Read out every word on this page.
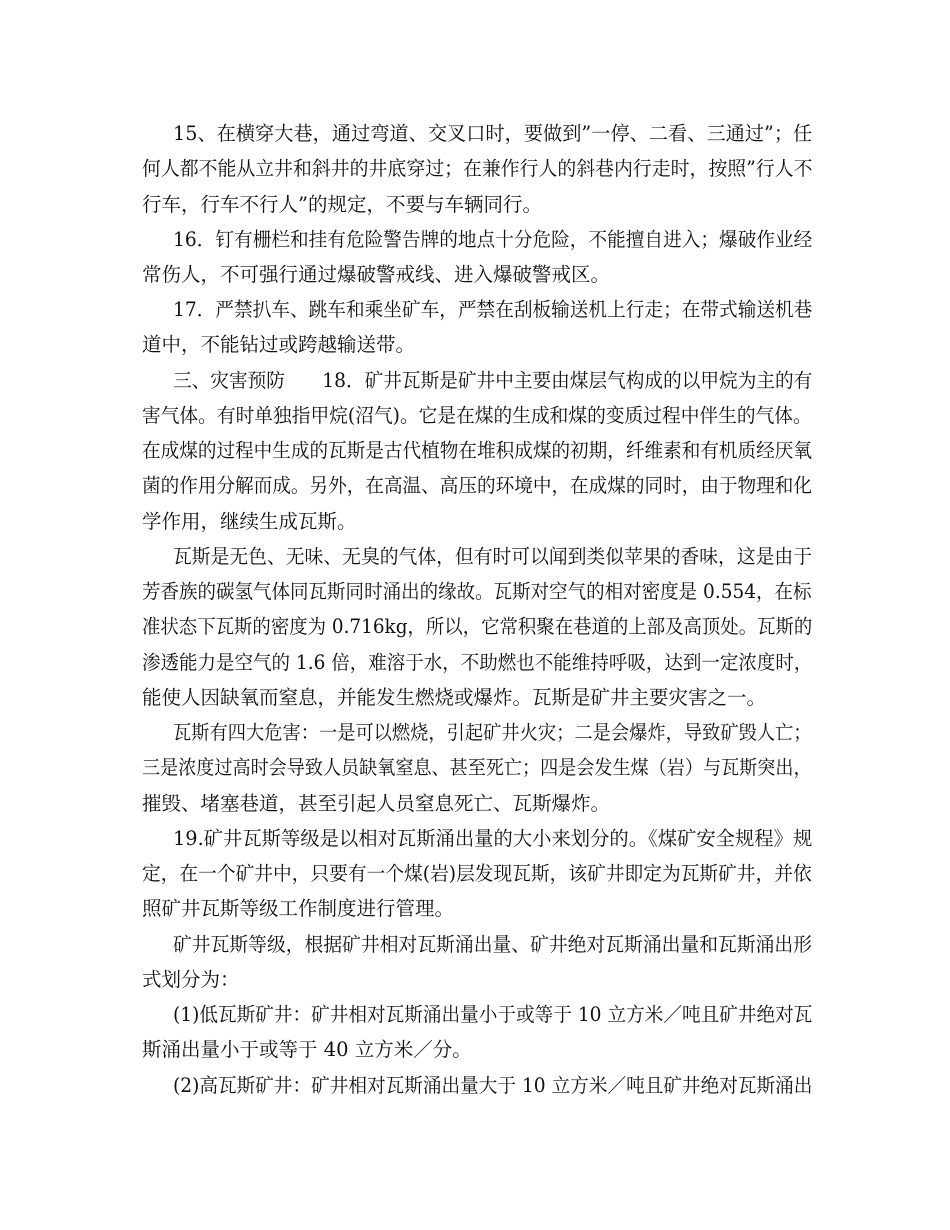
15、在横穿大巷，通过弯道、交叉口时，要做到”一停、二看、三通过”；任
何人都不能从立井和斜井的井底穿过；在兼作行人的斜巷内行走时，按照”行人不
行车，行车不行人”的规定，不要与车辆同行。
16．钉有栅栏和挂有危险警告牌的地点十分危险，不能擅自进入；爆破作业经
常伤人，不可强行通过爆破警戒线、进入爆破警戒区。
17．严禁扒车、跳车和乘坐矿车，严禁在刮板输送机上行走；在带式输送机巷
道中，不能钻过或跨越输送带。
三、灾害预防　　18．矿井瓦斯是矿井中主要由煤层气构成的以甲烷为主的有
害气体。有时单独指甲烷(沼气)。它是在煤的生成和煤的变质过程中伴生的气体。
在成煤的过程中生成的瓦斯是古代植物在堆积成煤的初期，纤维素和有机质经厌氧
菌的作用分解而成。另外，在高温、高压的环境中，在成煤的同时，由于物理和化
学作用，继续生成瓦斯。
瓦斯是无色、无味、无臭的气体，但有时可以闻到类似苹果的香味，这是由于
芳香族的碳氢气体同瓦斯同时涌出的缘故。瓦斯对空气的相对密度是 0.554，在标
准状态下瓦斯的密度为 0.716kg，所以，它常积聚在巷道的上部及高顶处。瓦斯的
渗透能力是空气的 1.6 倍，难溶于水，不助燃也不能维持呼吸，达到一定浓度时，
能使人因缺氧而窒息，并能发生燃烧或爆炸。瓦斯是矿井主要灾害之一。
瓦斯有四大危害：一是可以燃烧，引起矿井火灾；二是会爆炸，导致矿毁人亡；
三是浓度过高时会导致人员缺氧窒息、甚至死亡；四是会发生煤（岩）与瓦斯突出，
摧毁、堵塞巷道，甚至引起人员窒息死亡、瓦斯爆炸。
19.矿井瓦斯等级是以相对瓦斯涌出量的大小来划分的。《煤矿安全规程》规
定，在一个矿井中，只要有一个煤(岩)层发现瓦斯，该矿井即定为瓦斯矿井，并依
照矿井瓦斯等级工作制度进行管理。
矿井瓦斯等级，根据矿井相对瓦斯涌出量、矿井绝对瓦斯涌出量和瓦斯涌出形
式划分为：
(1)低瓦斯矿井：矿井相对瓦斯涌出量小于或等于 10 立方米／吨且矿井绝对瓦
斯涌出量小于或等于 40 立方米／分。
(2)高瓦斯矿井：矿井相对瓦斯涌出量大于 10 立方米／吨且矿井绝对瓦斯涌出
